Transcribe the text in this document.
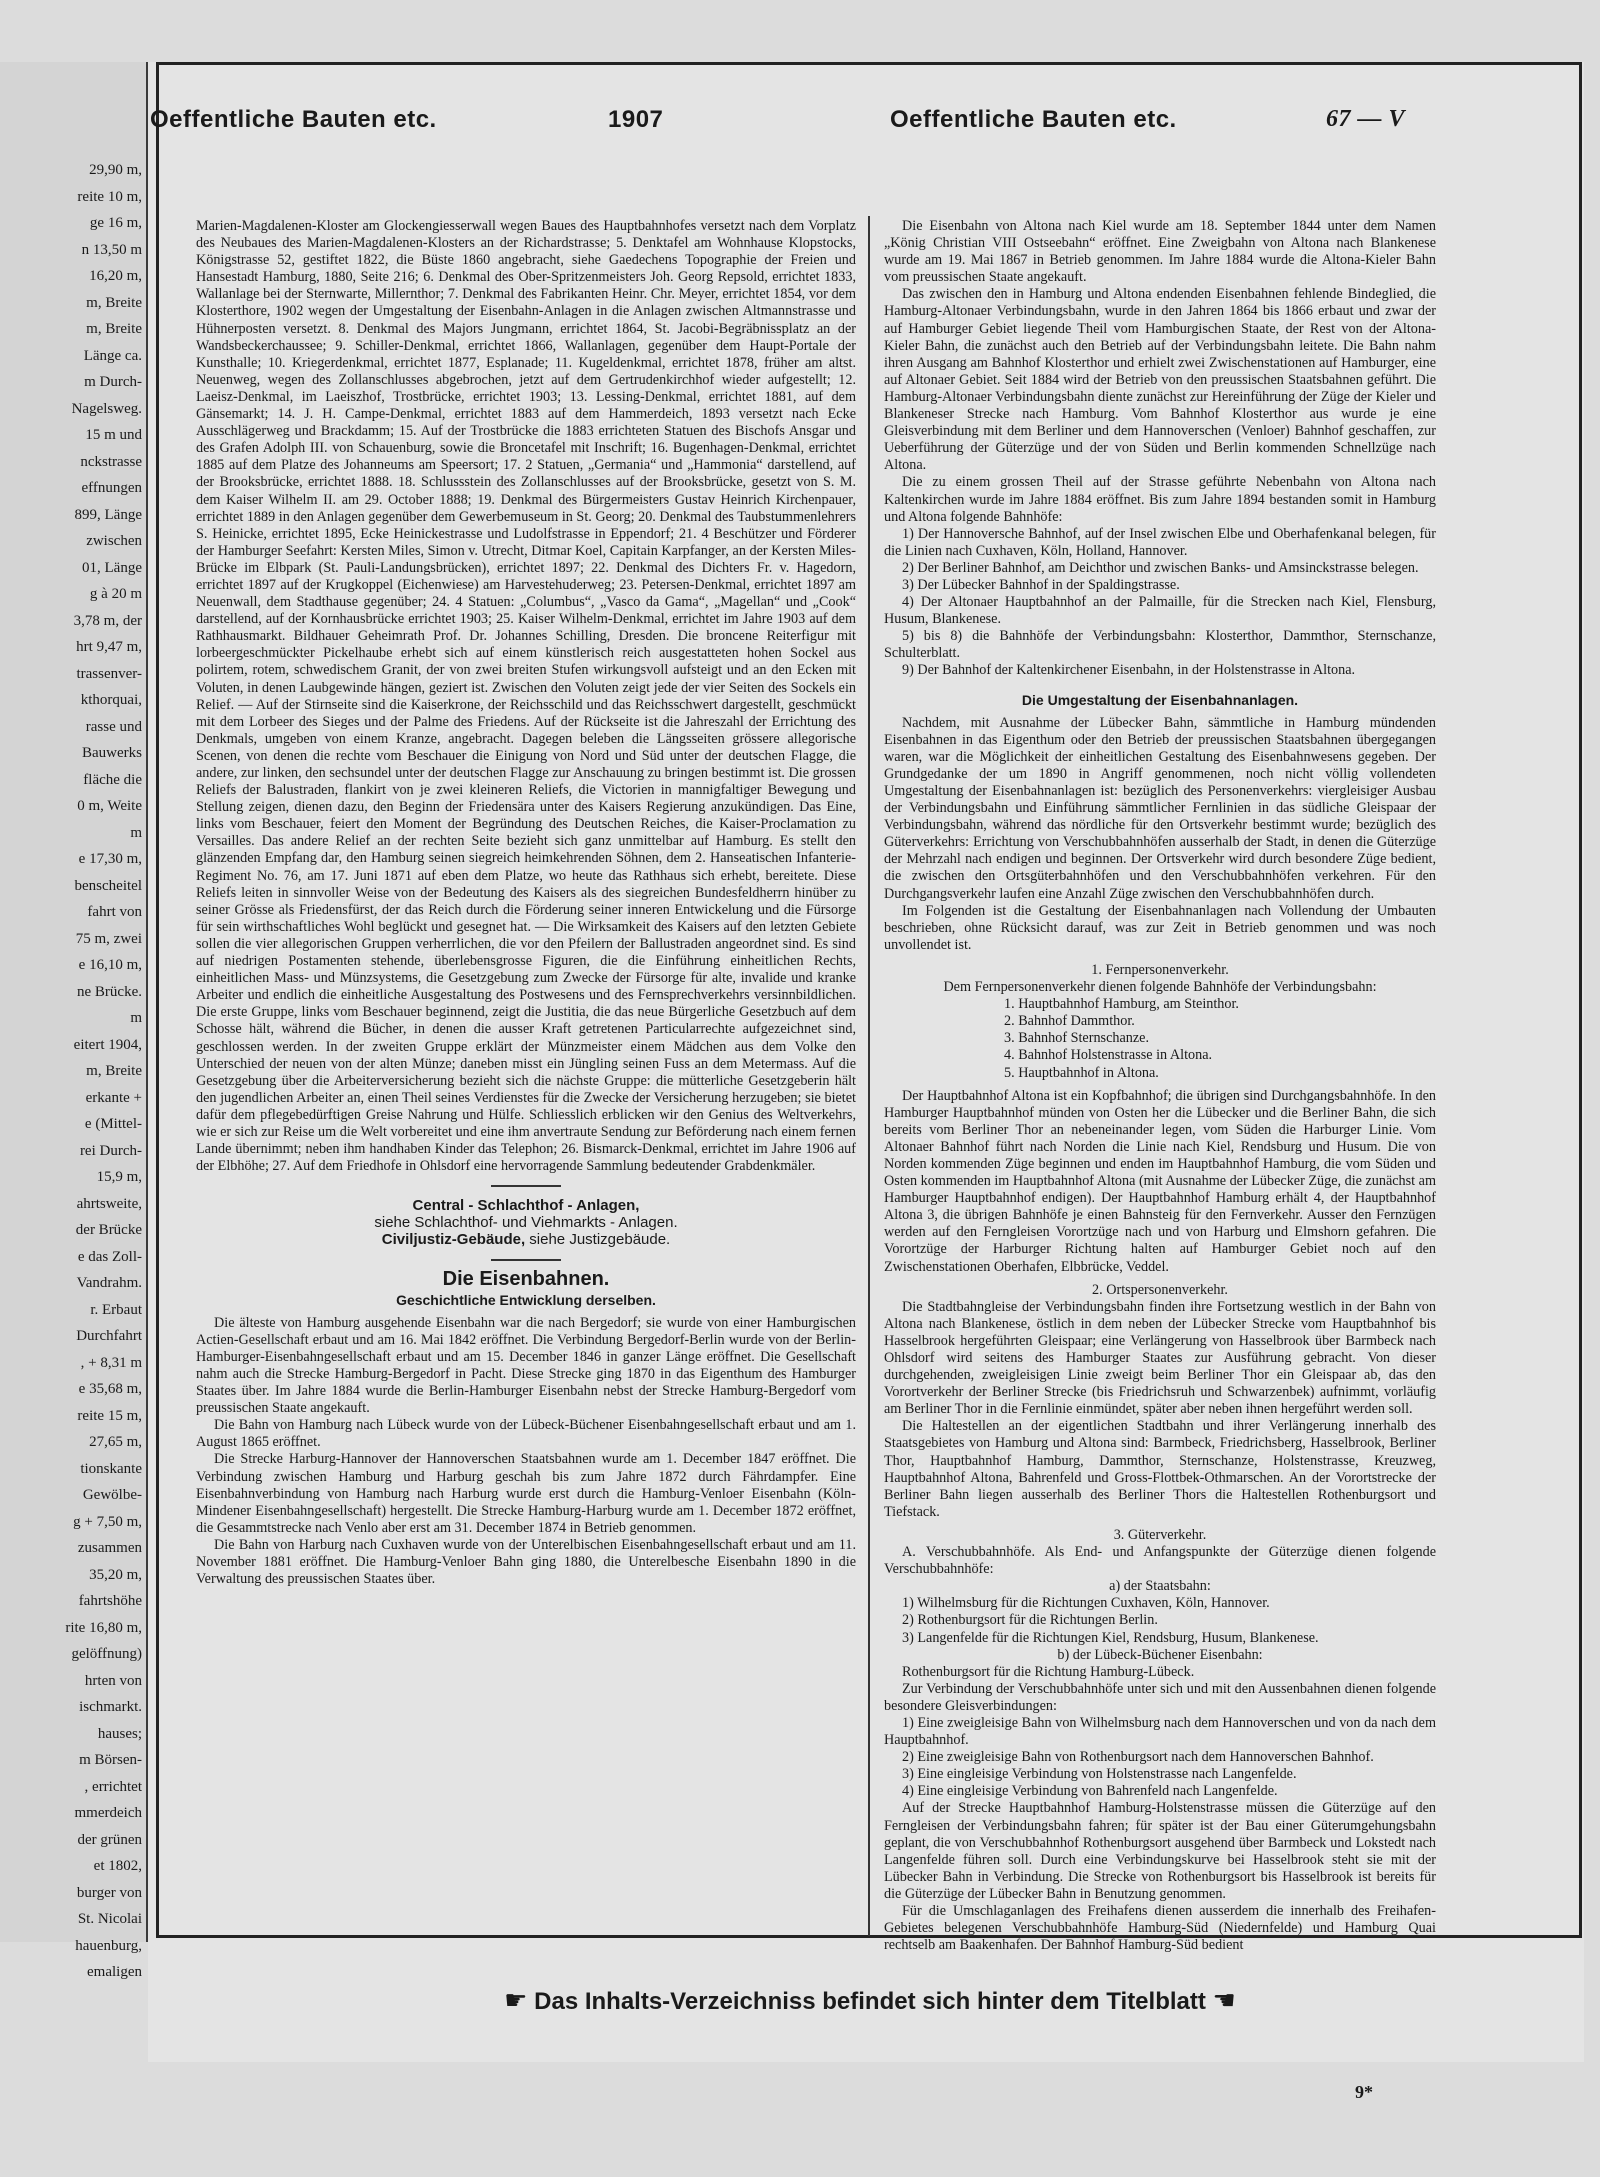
29,90 m,
reite 10 m,
ge 16 m,
n 13,50 m
16,20 m,
m, Breite
m, Breite
Länge ca.
m Durch-
Nagelsweg.
15 m und
nckstrasse
effnungen
899, Länge
zwischen
01, Länge
g à 20 m
3,78 m, der
hrt 9,47 m,
trassenver-
kthorquai,
rasse und
Bauwerks
fläche die
0 m, Weite
m
e 17,30 m,
benscheitel
fahrt von
75 m, zwei
e 16,10 m,
ne Brücke.
m
eitert 1904,
m, Breite
erkante +
e (Mittel-
rei Durch-
15,9 m,
ahrtsweite,
der Brücke
e das Zoll-
Vandrahm.
r. Erbaut
Durchfahrt
, + 8,31 m
e 35,68 m,
reite 15 m,
27,65 m,
tionskante
Gewölbe-
g + 7,50 m,
zusammen
35,20 m,
fahrtshöhe
rite 16,80 m,
gelöffnung)
hrten von
ischmarkt.
hauses;
m Börsen-
, errichtet
mmerdeich
der grünen
et 1802,
burger von
St. Nicolai
hauenburg,
emaligen
Oeffentliche Bauten etc.	1907	Oeffentliche Bauten etc.	67 — V

Marien-Magdalenen-Kloster am Glockengiesserwall wegen Baues des Hauptbahnhofes versetzt nach dem Vorplatz des Neubaues des Marien-Magdalenen-Klosters an der Richardstrasse; 5. Denktafel am Wohnhause Klopstocks, Königstrasse 52, gestiftet 1822, die Büste 1860 angebracht, siehe Gaedechens Topographie der Freien und Hansestadt Hamburg, 1880, Seite 216; 6. Denkmal des Ober-Spritzenmeisters Joh. Georg Repsold, errichtet 1833, Wallanlage bei der Sternwarte, Millernthor; 7. Denkmal des Fabrikanten Heinr. Chr. Meyer, errichtet 1854, vor dem Klosterthore, 1902 wegen der Umgestaltung der Eisenbahn-Anlagen in die Anlagen zwischen Altmannstrasse und Hühnerposten versetzt. 8. Denkmal des Majors Jungmann, errichtet 1864, St. Jacobi-Begräbnissplatz an der Wandsbeckerchaussee; 9. Schiller-Denkmal, errichtet 1866, Wallanlagen, gegenüber dem Haupt-Portale der Kunsthalle; 10. Kriegerdenkmal, errichtet 1877, Esplanade; 11. Kugeldenkmal, errichtet 1878, früher am altst. Neuenweg, wegen des Zollanschlusses abgebrochen, jetzt auf dem Gertrudenkirchhof wieder aufgestellt; 12. Laeisz-Denkmal, im Laeiszhof, Trostbrücke, errichtet 1903; 13. Lessing-Denkmal, errichtet 1881, auf dem Gänsemarkt; 14. J. H. Campe-Denkmal, errichtet 1883 auf dem Hammerdeich, 1893 versetzt nach Ecke Ausschlägerweg und Brackdamm; 15. Auf der Trostbrücke die 1883 errichteten Statuen des Bischofs Ansgar und des Grafen Adolph III. von Schauenburg, sowie die Broncetafel mit Inschrift; 16. Bugenhagen-Denkmal, errichtet 1885 auf dem Platze des Johanneums am Speersort; 17. 2 Statuen, „Germania“ und „Hammonia“ darstellend, auf der Brooksbrücke, errichtet 1888. 18. Schlussstein des Zollanschlusses auf der Brooksbrücke, gesetzt von S. M. dem Kaiser Wilhelm II. am 29. October 1888; 19. Denkmal des Bürgermeisters Gustav Heinrich Kirchenpauer, errichtet 1889 in den Anlagen gegenüber dem Gewerbemuseum in St. Georg; 20. Denkmal des Taubstummenlehrers S. Heinicke, errichtet 1895, Ecke Heinickestrasse und Ludolfstrasse in Eppendorf; 21. 4 Beschützer und Förderer der Hamburger Seefahrt: Kersten Miles, Simon v. Utrecht, Ditmar Koel, Capitain Karpfanger, an der Kersten Miles-Brücke im Elbpark (St. Pauli-Landungsbrücken), errichtet 1897; 22. Denkmal des Dichters Fr. v. Hagedorn, errichtet 1897 auf der Krugkoppel (Eichenwiese) am Harvestehuderweg; 23. Petersen-Denkmal, errichtet 1897 am Neuenwall, dem Stadthause gegenüber; 24. 4 Statuen: „Columbus“, „Vasco da Gama“, „Magellan“ und „Cook“ darstellend, auf der Kornhausbrücke errichtet 1903; 25. Kaiser Wilhelm-Denkmal, errichtet im Jahre 1903 auf dem Rathhausmarkt. Bildhauer Geheimrath Prof. Dr. Johannes Schilling, Dresden. Die broncene Reiterfigur mit lorbeergeschmückter Pickelhaube erhebt sich auf einem künstlerisch reich ausgestatteten hohen Sockel aus polirtem, rotem, schwedischem Granit, der von zwei breiten Stufen wirkungsvoll aufsteigt und an den Ecken mit Voluten, in denen Laubgewinde hängen, geziert ist. Zwischen den Voluten zeigt jede der vier Seiten des Sockels ein Relief. — Auf der Stirnseite sind die Kaiserkrone, der Reichsschild und das Reichsschwert dargestellt, geschmückt mit dem Lorbeer des Sieges und der Palme des Friedens. Auf der Rückseite ist die Jahreszahl der Errichtung des Denkmals, umgeben von einem Kranze, angebracht. Dagegen beleben die Längsseiten grössere allegorische Scenen, von denen die rechte vom Beschauer die Einigung von Nord und Süd unter der deutschen Flagge, die andere, zur linken, den sechsundel unter der deutschen Flagge zur Anschauung zu bringen bestimmt ist. Die grossen Reliefs der Balustraden, flankirt von je zwei kleineren Reliefs, die Victorien in mannigfaltiger Bewegung und Stellung zeigen, dienen dazu, den Beginn der Friedensära unter des Kaisers Regierung anzukündigen. Das Eine, links vom Beschauer, feiert den Moment der Begründung des Deutschen Reiches, die Kaiser-Proclamation zu Versailles. Das andere Relief an der rechten Seite bezieht sich ganz unmittelbar auf Hamburg. Es stellt den glänzenden Empfang dar, den Hamburg seinen siegreich heimkehrenden Söhnen, dem 2. Hanseatischen Infanterie-Regiment No. 76, am 17. Juni 1871 auf eben dem Platze, wo heute das Rathhaus sich erhebt, bereitete. Diese Reliefs leiten in sinnvoller Weise von der Bedeutung des Kaisers als des siegreichen Bundesfeldherrn hinüber zu seiner Grösse als Friedensfürst, der das Reich durch die Förderung seiner inneren Entwickelung und die Fürsorge für sein wirthschaftliches Wohl beglückt und gesegnet hat. — Die Wirksamkeit des Kaisers auf den letzten Gebiete sollen die vier allegorischen Gruppen verherrlichen, die vor den Pfeilern der Ballustraden angeordnet sind. Es sind auf niedrigen Postamenten stehende, überlebensgrosse Figuren, die die Einführung einheitlichen Rechts, einheitlichen Mass- und Münzsystems, die Gesetzgebung zum Zwecke der Fürsorge für alte, invalide und kranke Arbeiter und endlich die einheitliche Ausgestaltung des Postwesens und des Fernsprechverkehrs versinnbildlichen. Die erste Gruppe, links vom Beschauer beginnend, zeigt die Justitia, die das neue Bürgerliche Gesetzbuch auf dem Schosse hält, während die Bücher, in denen die ausser Kraft getretenen Particularrechte aufgezeichnet sind, geschlossen werden. In der zweiten Gruppe erklärt der Münzmeister einem Mädchen aus dem Volke den Unterschied der neuen von der alten Münze; daneben misst ein Jüngling seinen Fuss an dem Metermass. Auf die Gesetzgebung über die Arbeiterversicherung bezieht sich die nächste Gruppe: die mütterliche Gesetzgeberin hält den jugendlichen Arbeiter an, einen Theil seines Verdienstes für die Zwecke der Versicherung herzugeben; sie bietet dafür dem pflegebedürftigen Greise Nahrung und Hülfe. Schliesslich erblicken wir den Genius des Weltverkehrs, wie er sich zur Reise um die Welt vorbereitet und eine ihm anvertraute Sendung zur Beförderung nach einem fernen Lande übernimmt; neben ihm handhaben Kinder das Telephon; 26. Bismarck-Denkmal, errichtet im Jahre 1906 auf der Elbhöhe; 27. Auf dem Friedhofe in Ohlsdorf eine hervorragende Sammlung bedeutender Grabdenkmäler.

Central - Schlachthof - Anlagen,
siehe Schlachthof- und Viehmarkts - Anlagen.

Civiljustiz-Gebäude, siehe Justizgebäude.

Die Eisenbahnen.
Geschichtliche Entwicklung derselben.

Die älteste von Hamburg ausgehende Eisenbahn war die nach Bergedorf; sie wurde von einer Hamburgischen Actien-Gesellschaft erbaut und am 16. Mai 1842 eröffnet. Die Verbindung Bergedorf-Berlin wurde von der Berlin-Hamburger-Eisenbahngesellschaft erbaut und am 15. December 1846 in ganzer Länge eröffnet. Die Gesellschaft nahm auch die Strecke Hamburg-Bergedorf in Pacht. Diese Strecke ging 1870 in das Eigenthum des Hamburger Staates über. Im Jahre 1884 wurde die Berlin-Hamburger Eisenbahn nebst der Strecke Hamburg-Bergedorf vom preussischen Staate angekauft.

Die Bahn von Hamburg nach Lübeck wurde von der Lübeck-Büchener Eisenbahngesellschaft erbaut und am 1. August 1865 eröffnet.

Die Strecke Harburg-Hannover der Hannoverschen Staatsbahnen wurde am 1. December 1847 eröffnet. Die Verbindung zwischen Hamburg und Harburg geschah bis zum Jahre 1872 durch Fährdampfer. Eine Eisenbahnverbindung von Hamburg nach Harburg wurde erst durch die Hamburg-Venloer Eisenbahn (Köln-Mindener Eisenbahngesellschaft) hergestellt. Die Strecke Hamburg-Harburg wurde am 1. December 1872 eröffnet, die Gesammtstrecke nach Venlo aber erst am 31. December 1874 in Betrieb genommen.

Die Bahn von Harburg nach Cuxhaven wurde von der Unterelbischen Eisenbahngesellschaft erbaut und am 11. November 1881 eröffnet. Die Hamburg-Venloer Bahn ging 1880, die Unterelbesche Eisenbahn 1890 in die Verwaltung des preussischen Staates über.

Die Eisenbahn von Altona nach Kiel wurde am 18. September 1844 unter dem Namen „König Christian VIII Ostseebahn“ eröffnet. Eine Zweigbahn von Altona nach Blankenese wurde am 19. Mai 1867 in Betrieb genommen. Im Jahre 1884 wurde die Altona-Kieler Bahn vom preussischen Staate angekauft.

Das zwischen den in Hamburg und Altona endenden Eisenbahnen fehlende Bindeglied, die Hamburg-Altonaer Verbindungsbahn, wurde in den Jahren 1864 bis 1866 erbaut und zwar der auf Hamburger Gebiet liegende Theil vom Hamburgischen Staate, der Rest von der Altona-Kieler Bahn, die zunächst auch den Betrieb auf der Verbindungsbahn leitete. Die Bahn nahm ihren Ausgang am Bahnhof Klosterthor und erhielt zwei Zwischenstationen auf Hamburger, eine auf Altonaer Gebiet. Seit 1884 wird der Betrieb von den preussischen Staatsbahnen geführt. Die Hamburg-Altonaer Verbindungsbahn diente zunächst zur Hereinführung der Züge der Kieler und Blankeneser Strecke nach Hamburg. Vom Bahnhof Klosterthor aus wurde je eine Gleisverbindung mit dem Berliner und dem Hannoverschen (Venloer) Bahnhof geschaffen, zur Ueberführung der Güterzüge und der von Süden und Berlin kommenden Schnellzüge nach Altona.

Die zu einem grossen Theil auf der Strasse geführte Nebenbahn von Altona nach Kaltenkirchen wurde im Jahre 1884 eröffnet. Bis zum Jahre 1894 bestanden somit in Hamburg und Altona folgende Bahnhöfe:

1) Der Hannoversche Bahnhof, auf der Insel zwischen Elbe und Oberhafenkanal belegen, für die Linien nach Cuxhaven, Köln, Holland, Hannover.

2) Der Berliner Bahnhof, am Deichthor und zwischen Banks- und Amsinckstrasse belegen.

3) Der Lübecker Bahnhof in der Spaldingstrasse.

4) Der Altonaer Hauptbahnhof an der Palmaille, für die Strecken nach Kiel, Flensburg, Husum, Blankenese.

5) bis 8) die Bahnhöfe der Verbindungsbahn: Klosterthor, Dammthor, Sternschanze, Schulterblatt.

9) Der Bahnhof der Kaltenkirchener Eisenbahn, in der Holstenstrasse in Altona.

Die Umgestaltung der Eisenbahnanlagen.

Nachdem, mit Ausnahme der Lübecker Bahn, sämmtliche in Hamburg mündenden Eisenbahnen in das Eigenthum oder den Betrieb der preussischen Staatsbahnen übergegangen waren, war die Möglichkeit der einheitlichen Gestaltung des Eisenbahnwesens gegeben. Der Grundgedanke der um 1890 in Angriff genommenen, noch nicht völlig vollendeten Umgestaltung der Eisenbahnanlagen ist: bezüglich des Personenverkehrs: viergleisiger Ausbau der Verbindungsbahn und Einführung sämmtlicher Fernlinien in das südliche Gleispaar der Verbindungsbahn, während das nördliche für den Ortsverkehr bestimmt wurde; bezüglich des Güterverkehrs: Errichtung von Verschubbahnhöfen ausserhalb der Stadt, in denen die Güterzüge der Mehrzahl nach endigen und beginnen. Der Ortsverkehr wird durch besondere Züge bedient, die zwischen den Ortsgüterbahnhöfen und den Verschubbahnhöfen verkehren. Für den Durchgangsverkehr laufen eine Anzahl Züge zwischen den Verschubbahnhöfen durch.

Im Folgenden ist die Gestaltung der Eisenbahnanlagen nach Vollendung der Umbauten beschrieben, ohne Rücksicht darauf, was zur Zeit in Betrieb genommen und was noch unvollendet ist.

1. Fernpersonenverkehr.

Dem Fernpersonenverkehr dienen folgende Bahnhöfe der Verbindungsbahn:

1. Hauptbahnhof Hamburg, am Steinthor.

2. Bahnhof Dammthor.

3. Bahnhof Sternschanze.

4. Bahnhof Holstenstrasse in Altona.

5. Hauptbahnhof in Altona.

Der Hauptbahnhof Altona ist ein Kopfbahnhof; die übrigen sind Durchgangsbahnhöfe. In den Hamburger Hauptbahnhof münden von Osten her die Lübecker und die Berliner Bahn, die sich bereits vom Berliner Thor an nebeneinander legen, vom Süden die Harburger Linie. Vom Altonaer Bahnhof führt nach Norden die Linie nach Kiel, Rendsburg und Husum. Die von Norden kommenden Züge beginnen und enden im Hauptbahnhof Hamburg, die vom Süden und Osten kommenden im Hauptbahnhof Altona (mit Ausnahme der Lübecker Züge, die zunächst am Hamburger Hauptbahnhof endigen). Der Hauptbahnhof Hamburg erhält 4, der Hauptbahnhof Altona 3, die übrigen Bahnhöfe je einen Bahnsteig für den Fernverkehr. Ausser den Fernzügen werden auf den Ferngleisen Vorortzüge nach und von Harburg und Elmshorn gefahren. Die Vorortzüge der Harburger Richtung halten auf Hamburger Gebiet noch auf den Zwischenstationen Oberhafen, Elbbrücke, Veddel.

2. Ortspersonenverkehr.

Die Stadtbahngleise der Verbindungsbahn finden ihre Fortsetzung westlich in der Bahn von Altona nach Blankenese, östlich in dem neben der Lübecker Strecke vom Hauptbahnhof bis Hasselbrook hergeführten Gleispaar; eine Verlängerung von Hasselbrook über Barmbeck nach Ohlsdorf wird seitens des Hamburger Staates zur Ausführung gebracht. Von dieser durchgehenden, zweigleisigen Linie zweigt beim Berliner Thor ein Gleispaar ab, das den Vorortverkehr der Berliner Strecke (bis Friedrichsruh und Schwarzenbek) aufnimmt, vorläufig am Berliner Thor in die Fernlinie einmündet, später aber neben ihnen hergeführt werden soll.

Die Haltestellen an der eigentlichen Stadtbahn und ihrer Verlängerung innerhalb des Staatsgebietes von Hamburg und Altona sind: Barmbeck, Friedrichsberg, Hasselbrook, Berliner Thor, Hauptbahnhof Hamburg, Dammthor, Sternschanze, Holstenstrasse, Kreuzweg, Hauptbahnhof Altona, Bahrenfeld und Gross-Flottbek-Othmarschen. An der Vorortstrecke der Berliner Bahn liegen ausserhalb des Berliner Thors die Haltestellen Rothenburgsort und Tiefstack.

3. Güterverkehr.

A. Verschubbahnhöfe. Als End- und Anfangspunkte der Güterzüge dienen folgende Verschubbahnhöfe:

a) der Staatsbahn:

1) Wilhelmsburg für die Richtungen Cuxhaven, Köln, Hannover.

2) Rothenburgsort für die Richtungen Berlin.

3) Langenfelde für die Richtungen Kiel, Rendsburg, Husum, Blankenese.

b) der Lübeck-Büchener Eisenbahn:

Rothenburgsort für die Richtung Hamburg-Lübeck.

Zur Verbindung der Verschubbahnhöfe unter sich und mit den Aussenbahnen dienen folgende besondere Gleisverbindungen:

1) Eine zweigleisige Bahn von Wilhelmsburg nach dem Hannoverschen und von da nach dem Hauptbahnhof.

2) Eine zweigleisige Bahn von Rothenburgsort nach dem Hannoverschen Bahnhof.

3) Eine eingleisige Verbindung von Holstenstrasse nach Langenfelde.

4) Eine eingleisige Verbindung von Bahrenfeld nach Langenfelde.

Auf der Strecke Hauptbahnhof Hamburg-Holstenstrasse müssen die Güterzüge auf den Ferngleisen der Verbindungsbahn fahren; für später ist der Bau einer Güterumgehungsbahn geplant, die von Verschubbahnhof Rothenburgsort ausgehend über Barmbeck und Lokstedt nach Langenfelde führen soll. Durch eine Verbindungskurve bei Hasselbrook steht sie mit der Lübecker Bahn in Verbindung. Die Strecke von Rothenburgsort bis Hasselbrook ist bereits für die Güterzüge der Lübecker Bahn in Benutzung genommen.

Für die Umschlaganlagen des Freihafens dienen ausserdem die innerhalb des Freihafen-Gebietes belegenen Verschubbahnhöfe Hamburg-Süd (Niedernfelde) und Hamburg Quai rechtselb am Baakenhafen. Der Bahnhof Hamburg-Süd bedient

☛ Das Inhalts-Verzeichniss befindet sich hinter dem Titelblatt ☚
9*
